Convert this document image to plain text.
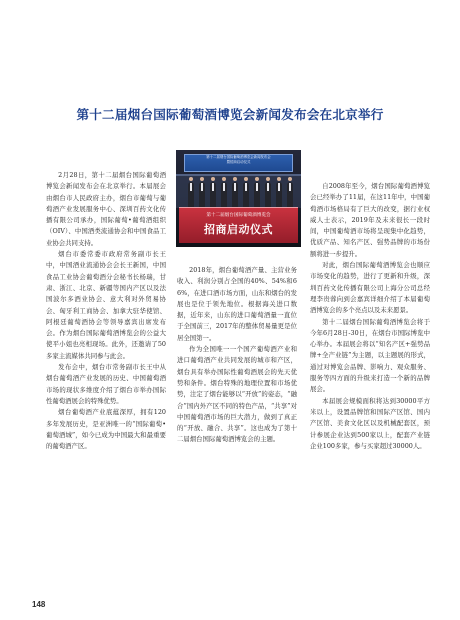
第十二届烟台国际葡萄酒博览会新闻发布会在北京举行
第十二届烟台国际葡萄酒博览会新闻发布会
暨招商启动仪式
第十二届烟台国际葡萄酒博览会
招商启动仪式

2月28日，第十二届烟台国际葡萄酒博览会新闻发布会在北京举行。本届展会由烟台市人民政府主办，烟台市葡萄与葡萄酒产业发展服务中心、深圳百药文化传播有限公司承办，国际葡萄•葡萄酒组织（OIV）、中国酒类流通协会和中国食品工业协会共同支持。

烟台市委常委市政府常务副市长王中，中国酒业流通协会会长王新国，中国食品工业协会葡萄酒分会秘书长杨瑞，甘肃、浙江、北京、新疆等国内产区以及法国波尔多酒业协会、意大利对外贸易协会、匈牙利工商协会、加拿大驻华使馆、阿根廷葡萄酒协会等领导嘉宾出席发布会。作为烟台国际葡萄酒博览会的公益大使平小姐也亮相现场。此外，还邀请了50多家主流媒体共同参与此会。

发布会中，烟台市常务副市长王中从烟台葡萄酒产业发展的历史、中国葡萄酒市场的现状多维度介绍了烟台市举办国际性葡萄酒展会的特殊优势。

烟台葡萄酒产业底蕴深厚，拥有120多年发展历史，是亚洲唯一的“国际葡萄•葡萄酒城”，如今已成为中国最大和最重要的葡萄酒产区。

2018年，烟台葡萄酒产量、主营业务收入、利润分别占全国的40%、54%和66%，在进口酒市场方面，山东和烟台的发展也是位于领先地位。根据海关进口数据，近年来，山东的进口葡萄酒量一直位于全国前三，2017年的整体贸易量更是位居全国第一。

作为全国唯一一个国产葡萄酒产业和进口葡萄酒产业共同发展的城市和产区，烟台具有举办国际性葡萄酒展会的先天优势和条件。烟台特殊的地理位置和市场优势，注定了烟台能够以“开放”的姿态，“融合”国内外产区不同的特色产品，“共享”对中国葡萄酒市场的巨大潜力，做到了真正的“开放、融合、共享”。这也成为了第十二届烟台国际葡萄酒博览会的主题。

自2008年至今，烟台国际葡萄酒博览会已经举办了11届，在这11年中，中国葡萄酒市场格局有了巨大的改变，据行业权威人士表示，2019年及未来很长一段时间，中国葡萄酒市场将呈现集中化趋势，优质产品、知名产区、强势品牌的市场份额将进一步提升。

对此，烟台国际葡萄酒博览会也顺应市场变化的趋势，进行了更新和升级，深圳百药文化传播有限公司上海分公司总经理李贵蓉向到会嘉宾详细介绍了本届葡萄酒博览会的多个亮点以及未来愿景。

第十二届烟台国际葡萄酒博览会将于今年6月28日-30日，在烟台市国际博览中心举办。本届展会将以“知名产区+强势品牌+全产业链”为主题，以主题展的形式，通过对博览会品牌、影响力、观众服务、服务等四方面的升级来打造一个新的品牌展会。

本届展会规模面积将达到30000平方米以上，设置品牌馆和国际产区馆、国内产区馆、美食文化区以及机械配套区，预计参展企业达到500家以上，配套产业链企业100多家，参与买家超过30000人。

148
